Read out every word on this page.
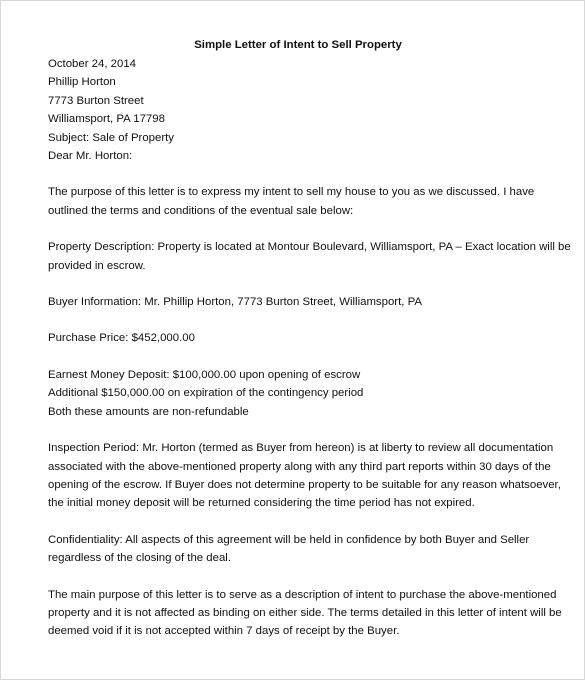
Simple Letter of Intent to Sell Property
October 24, 2014
Phillip Horton
7773 Burton Street
Williamsport, PA 17798
Subject: Sale of Property
Dear Mr. Horton:
The purpose of this letter is to express my intent to sell my house to you as we discussed. I have
outlined the terms and conditions of the eventual sale below:
Property Description: Property is located at Montour Boulevard, Williamsport, PA – Exact location will be
provided in escrow.
Buyer Information: Mr. Phillip Horton, 7773 Burton Street, Williamsport, PA
Purchase Price: $452,000.00
Earnest Money Deposit: $100,000.00 upon opening of escrow
Additional $150,000.00 on expiration of the contingency period
Both these amounts are non-refundable
Inspection Period: Mr. Horton (termed as Buyer from hereon) is at liberty to review all documentation
associated with the above-mentioned property along with any third part reports within 30 days of the
opening of the escrow. If Buyer does not determine property to be suitable for any reason whatsoever,
the initial money deposit will be returned considering the time period has not expired.
Confidentiality: All aspects of this agreement will be held in confidence by both Buyer and Seller
regardless of the closing of the deal.
The main purpose of this letter is to serve as a description of intent to purchase the above-mentioned
property and it is not affected as binding on either side. The terms detailed in this letter of intent will be
deemed void if it is not accepted within 7 days of receipt by the Buyer.
